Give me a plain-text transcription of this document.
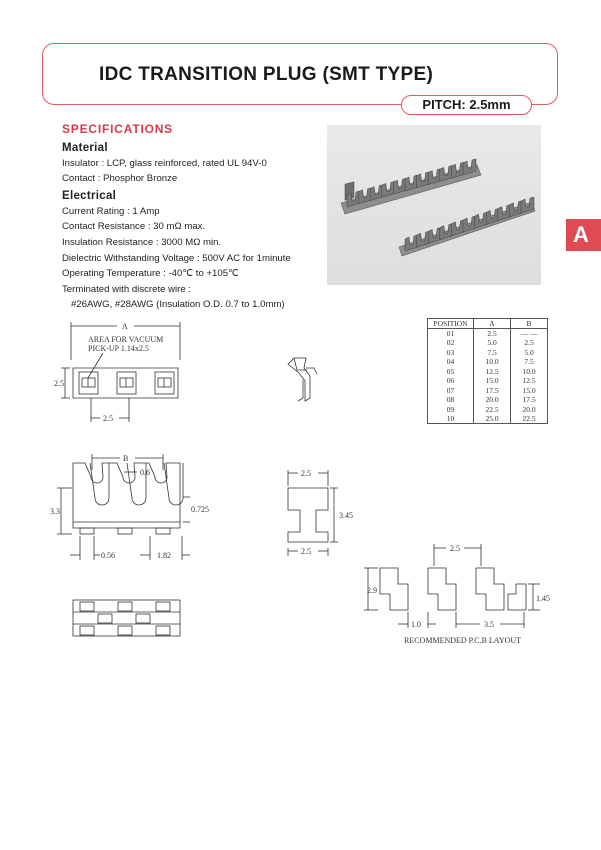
IDC TRANSITION PLUG (SMT TYPE)
PITCH: 2.5mm
A
SPECIFICATIONS
Material
Insulator : LCP, glass reinforced, rated UL 94V-0
Contact : Phosphor Bronze
Electrical
Current Rating : 1 Amp
Contact Resistance : 30 mΩ max.
Insulation Resistance : 3000 MΩ min.
Dielectric Withstanding Voltage : 500V AC for 1minute
Operating Temperature : -40℃ to +105℃
Terminated with discrete wire :
#26AWG, #28AWG (Insulation O.D. 0.7 to 1.0mm)
A
AREA FOR VACUUM
PICK-UP 1.14x2.5
2.5
2.5
B
0.6
3.3	0.725
0.56	1.82
2.5
3.45
2.5	2.5
2.9
1.45
1.0	3.5
RECOMMENDED P.C.B LAYOUT
POSITION	A	B
01	2.5	— —
02	5.0	2.5
03	7.5	5.0
04	10.0	7.5
05	12.5	10.0
06	15.0	12.5
07	17.5	15.0
08	20.0	17.5
09	22.5	20.0
10	25.0	22.5
